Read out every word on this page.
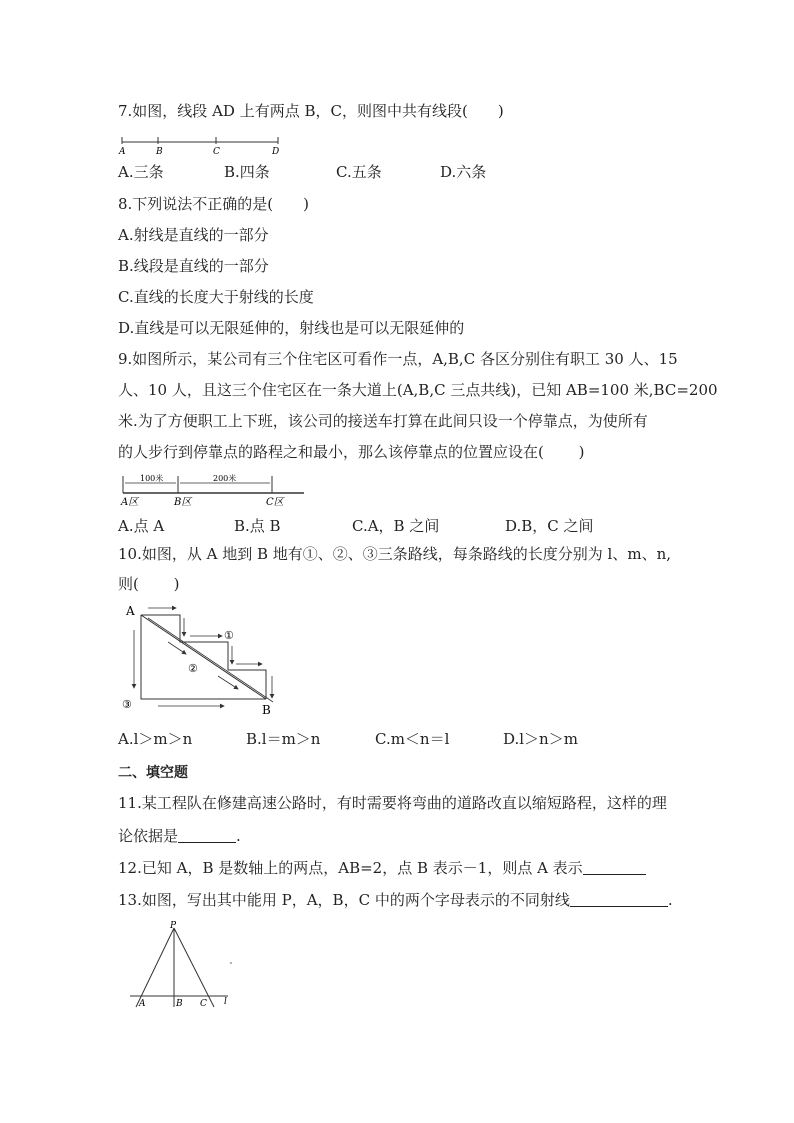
7.如图，线段 AD 上有两点 B，C，则图中共有线段(　　)
A	B	C	D
A.三条	B.四条	C.五条	D.六条
8.下列说法不正确的是(　　)
A.射线是直线的一部分
B.线段是直线的一部分
C.直线的长度大于射线的长度
D.直线是可以无限延伸的，射线也是可以无限延伸的
9.如图所示，某公司有三个住宅区可看作一点，A,B,C 各区分别住有职工 30 人、15
人、10 人，且这三个住宅区在一条大道上(A,B,C 三点共线)，已知 AB=100 米,BC=200
米.为了方便职工上下班，该公司的接送车打算在此间只设一个停靠点，为使所有
的人步行到停靠点的路程之和最小，那么该停靠点的位置应设在(　　 )
100米	200米
A区	B区	C区
A.点 A	B.点 B	C.A，B 之间	D.B，C 之间
10.如图，从 A 地到 B 地有①、②、③三条路线，每条路线的长度分别为 l、m、n,
则(　　 )
A
B
①
②
③
A.l＞m＞n	B.l＝m＞n	C.m＜n＝l	D.l＞n＞m
二、填空题
11.某工程队在修建高速公路时，有时需要将弯曲的道路改直以缩短路程，这样的理
论依据是	.
12.已知 A，B 是数轴上的两点，AB=2，点 B 表示－1，则点 A 表示
13.如图，写出其中能用 P，A，B，C 中的两个字母表示的不同射线	.
P
A	B C l
